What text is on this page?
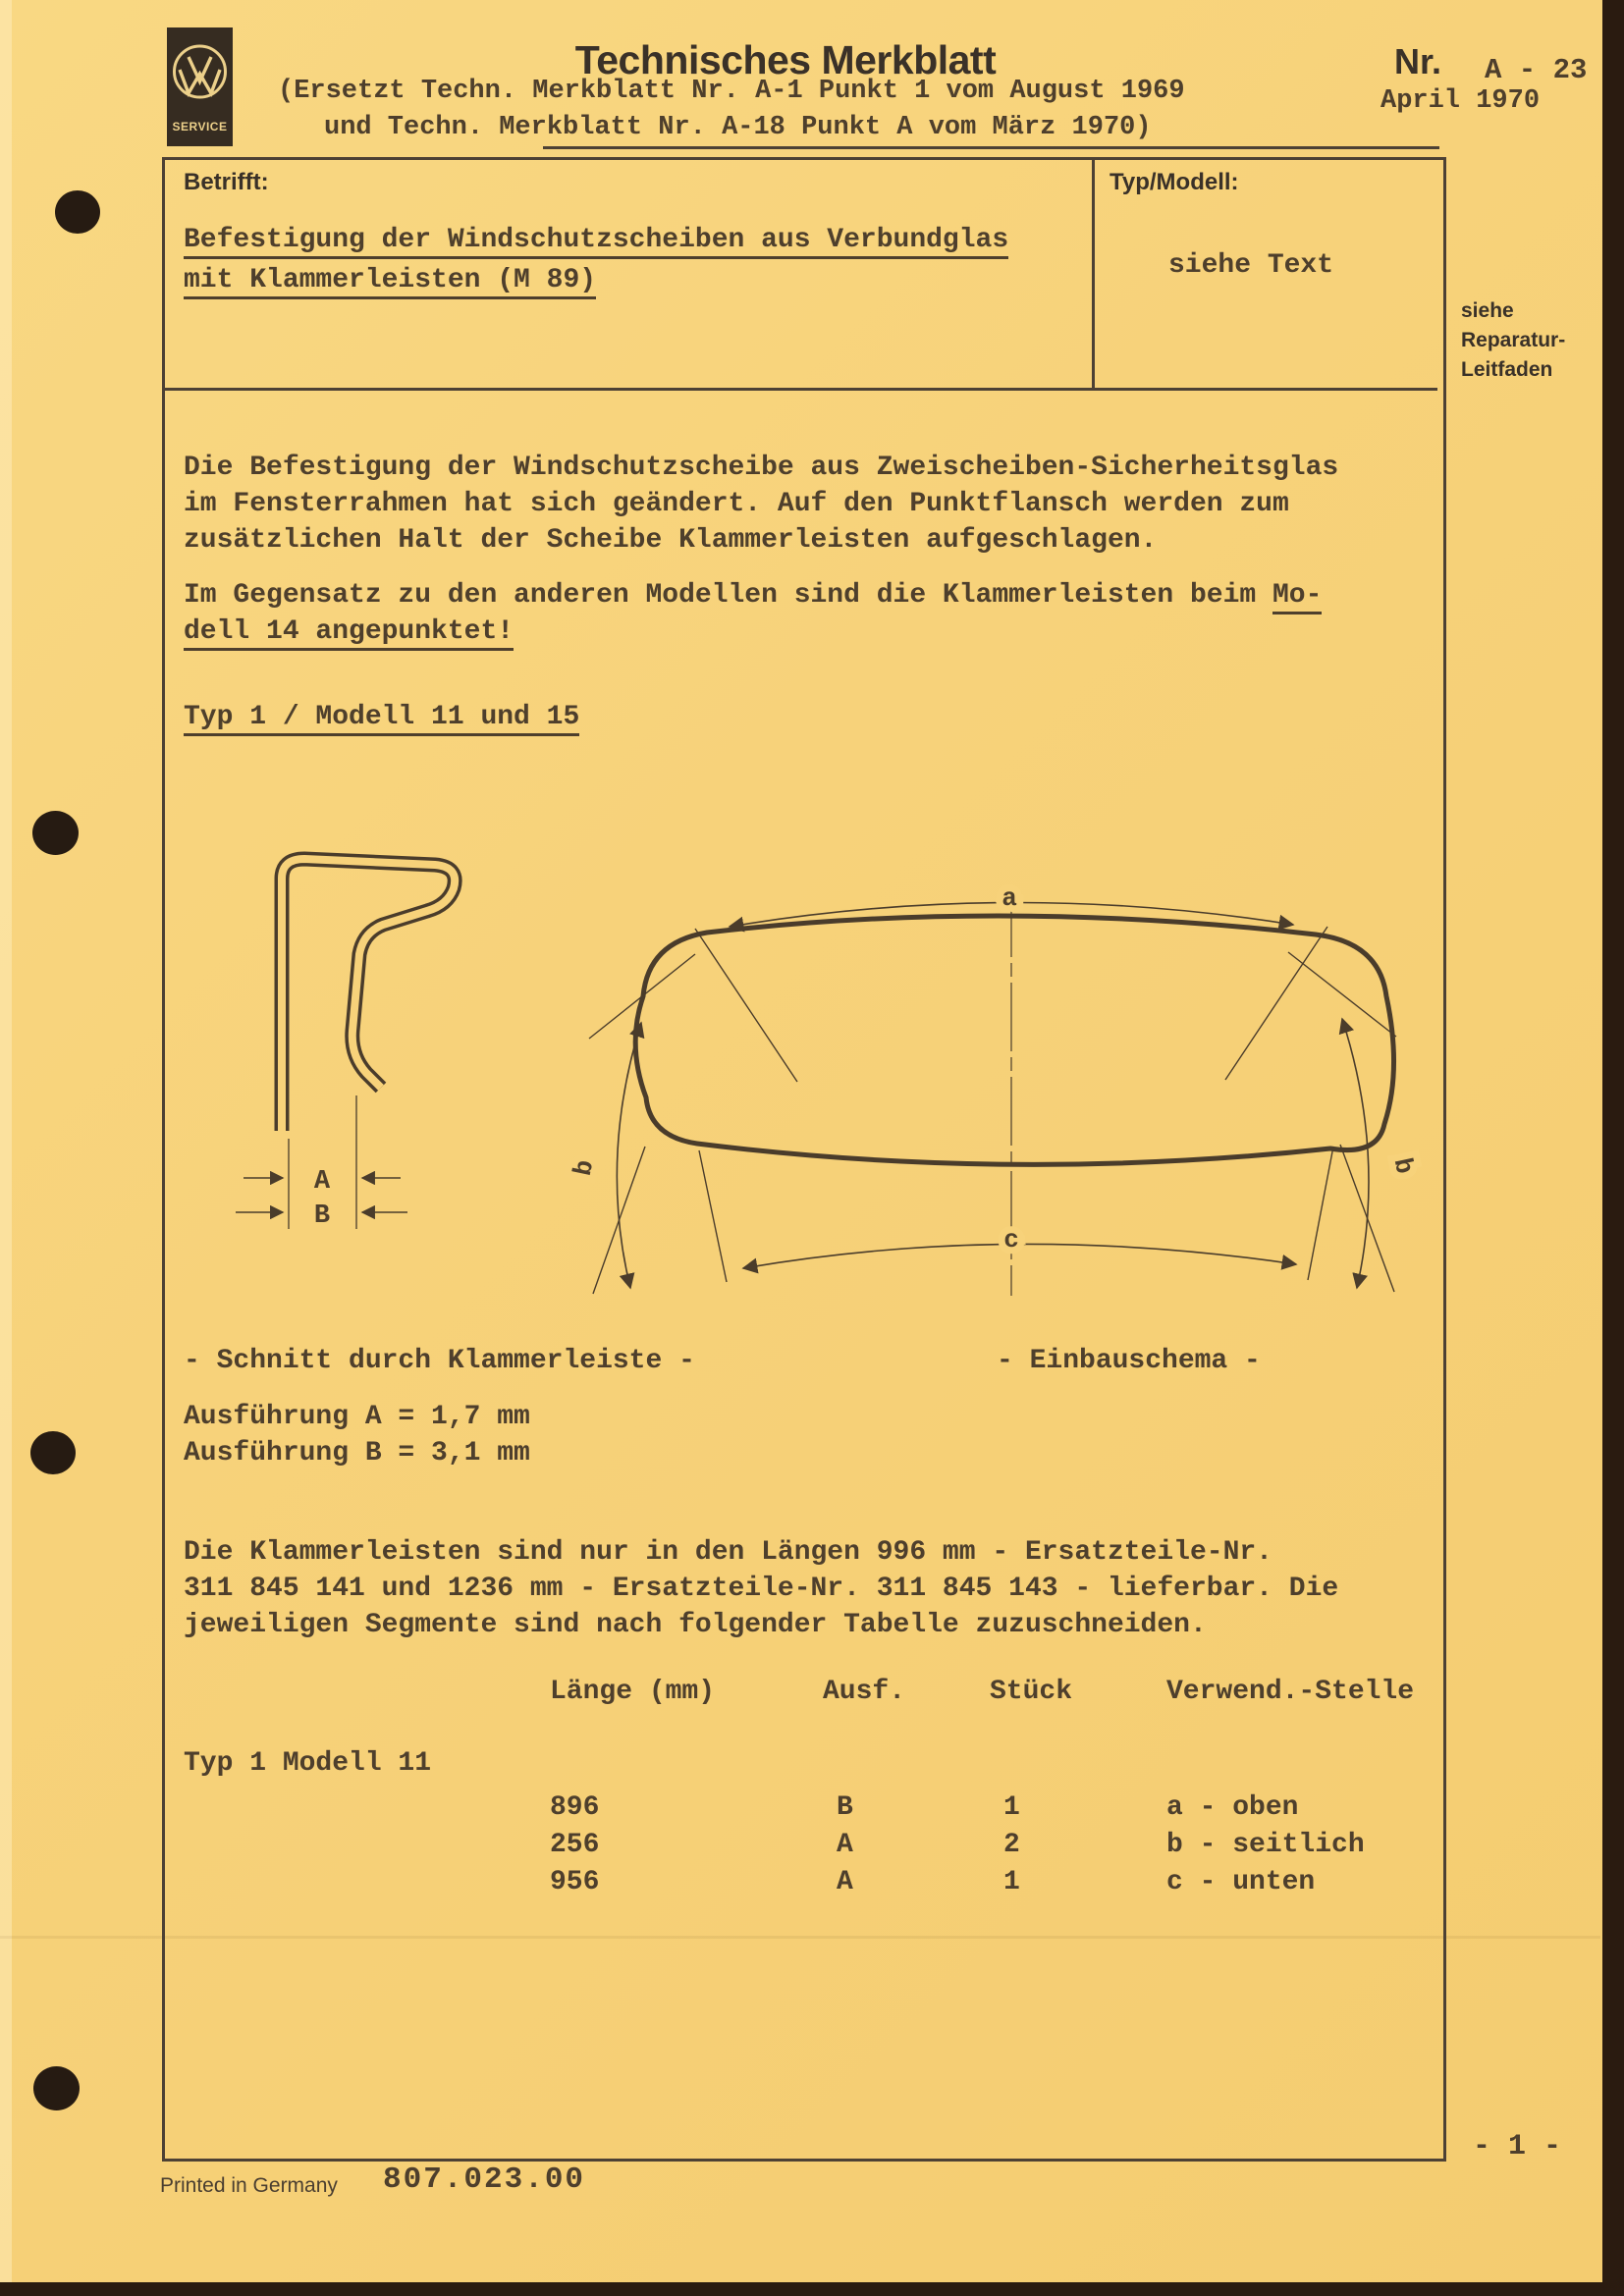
SERVICE
Technisches Merkblatt	Nr. A - 23
April 1970
(Ersetzt Techn. Merkblatt Nr. A-1 Punkt 1 vom August 1969
und Techn. Merkblatt Nr. A-18 Punkt A vom März 1970)
Betrifft:
Befestigung der Windschutzscheiben aus Verbundglas
mit Klammerleisten (M 89)
Typ/Modell:
siehe Text
siehe
Reparatur-
Leitfaden
Die Befestigung der Windschutzscheibe aus Zweischeiben-Sicherheitsglas
im Fensterrahmen hat sich geändert. Auf den Punktflansch werden zum
zusätzlichen Halt der Scheibe Klammerleisten aufgeschlagen.
Im Gegensatz zu den anderen Modellen sind die Klammerleisten beim Mo-
dell 14 angepunktet!
Typ 1 / Modell 11 und 15
A
B
a
b	b
c
- Schnitt durch Klammerleiste -	- Einbauschema -
Ausführung A = 1,7 mm
Ausführung B = 3,1 mm
Die Klammerleisten sind nur in den Längen 996 mm - Ersatzteile-Nr.
311 845 141 und 1236 mm - Ersatzteile-Nr. 311 845 143 - lieferbar. Die
jeweiligen Segmente sind nach folgender Tabelle zuzuschneiden.
Länge (mm)	Ausf.	Stück	Verwend.-Stelle
Typ 1 Modell 11
896	B	1	a - oben
256	A	2	b - seitlich
956	A	1	c - unten
Printed in Germany 807.023.00
- 1 -
